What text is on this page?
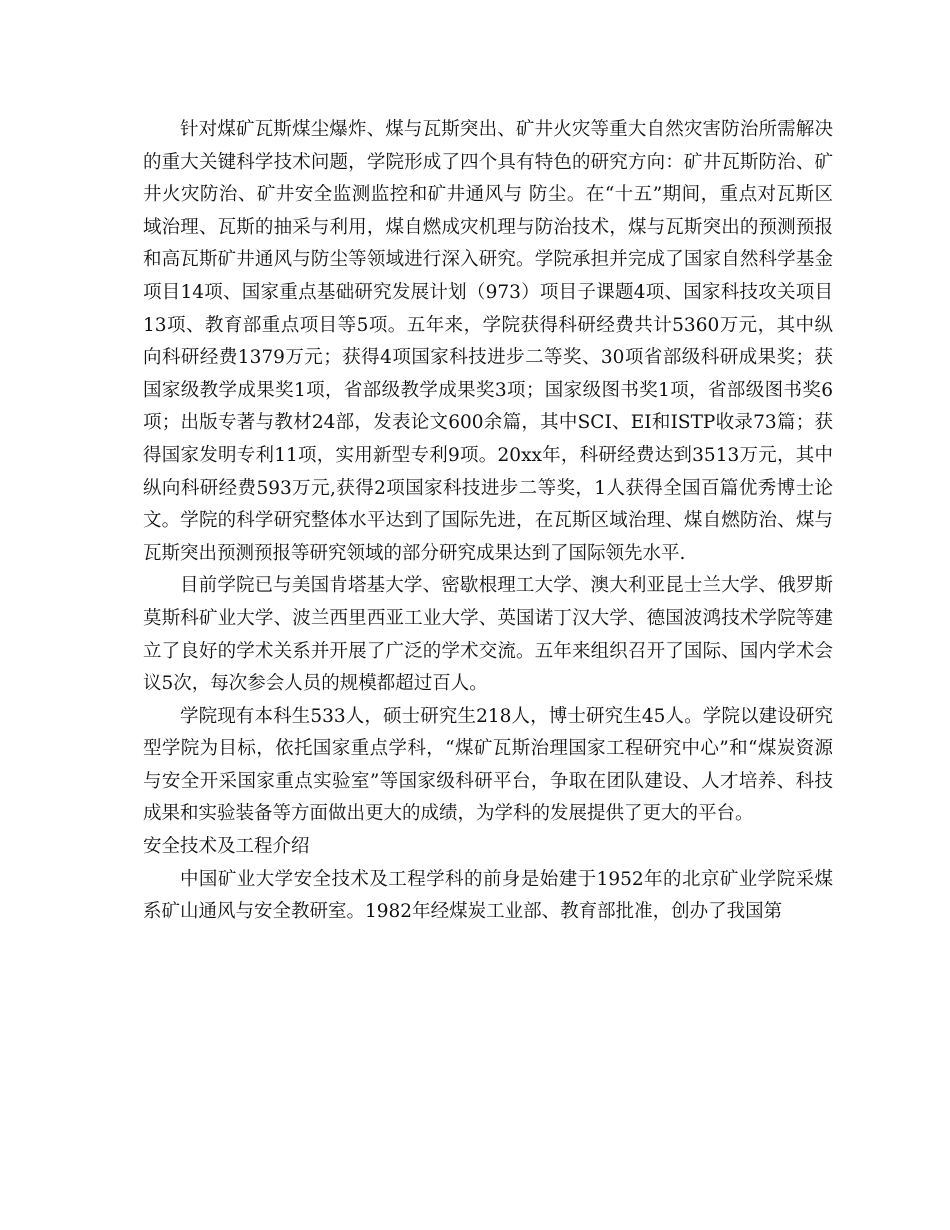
针对煤矿瓦斯煤尘爆炸、煤与瓦斯突出、矿井火灾等重大自然灾害防治所需解决的重大关键科学技术问题，学院形成了四个具有特色的研究方向：矿井瓦斯防治、矿井火灾防治、矿井安全监测监控和矿井通风与 防尘。在“十五”期间，重点对瓦斯区域治理、瓦斯的抽采与利用，煤自燃成灾机理与防治技术，煤与瓦斯突出的预测预报和高瓦斯矿井通风与防尘等领域进行深入研究。学院承担并完成了国家自然科学基金项目14项、国家重点基础研究发展计划（973）项目子课题4项、国家科技攻关项目13项、教育部重点项目等5项。五年来，学院获得科研经费共计5360万元，其中纵向科研经费1379万元；获得4项国家科技进步二等奖、30项省部级科研成果奖；获国家级教学成果奖1项，省部级教学成果奖3项；国家级图书奖1项，省部级图书奖6项；出版专著与教材24部，发表论文600余篇，其中SCI、EI和ISTP收录73篇；获得国家发明专利11项，实用新型专利9项。20xx年，科研经费达到3513万元，其中纵向科研经费593万元,获得2项国家科技进步二等奖，1人获得全国百篇优秀博士论文。学院的科学研究整体水平达到了国际先进，在瓦斯区域治理、煤自燃防治、煤与瓦斯突出预测预报等研究领域的部分研究成果达到了国际领先水平.

目前学院已与美国肯塔基大学、密歇根理工大学、澳大利亚昆士兰大学、俄罗斯莫斯科矿业大学、波兰西里西亚工业大学、英国诺丁汉大学、德国波鸿技术学院等建立了良好的学术关系并开展了广泛的学术交流。五年来组织召开了国际、国内学术会议5次，每次参会人员的规模都超过百人。

学院现有本科生533人，硕士研究生218人，博士研究生45人。学院以建设研究型学院为目标，依托国家重点学科，“煤矿瓦斯治理国家工程研究中心”和“煤炭资源与安全开采国家重点实验室”等国家级科研平台，争取在团队建设、人才培养、科技成果和实验装备等方面做出更大的成绩，为学科的发展提供了更大的平台。

安全技术及工程介绍

中国矿业大学安全技术及工程学科的前身是始建于1952年的北京矿业学院采煤系矿山通风与安全教研室。1982年经煤炭工业部、教育部批准，创办了我国第
